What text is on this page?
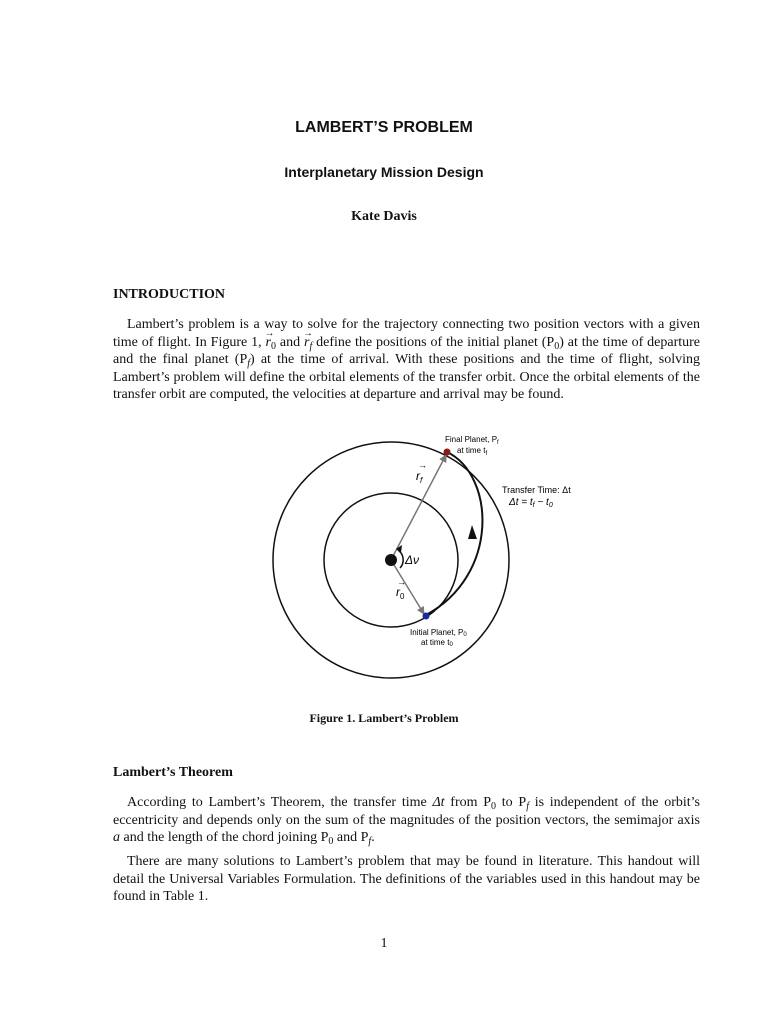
LAMBERT’S PROBLEM
Interplanetary Mission Design
Kate Davis
INTRODUCTION

Lambert’s problem is a way to solve for the trajectory connecting two position vectors with a given time of flight. In Figure 1, → $r_0$ and → $r_f$ define the positions of the initial planet $(P_0)$ at the time of departure and the final planet $(P_f)$ at the time of arrival. With these positions and the time of flight, solving Lambert’s problem will define the orbital elements of the transfer orbit. Once the orbital elements of the transfer orbit are computed, the velocities at departure and arrival may be found.

Final Planet, $P_f$
at time $t_f$
Transfer Time: Δt
$\Delta t = t_f - t_0$
$r_f$
→
$r_0$
→
Δν
Initial Planet, P0
at time t0
Figure 1. Lambert’s Problem
Lambert’s Theorem

According to Lambert’s Theorem, the transfer time Δt from $P_0$ to $P_f$ is independent of the orbit’s eccentricity and depends only on the sum of the magnitudes of the position vectors, the semimajor axis a and the length of the chord joining $P_0$ and $P_f$.

There are many solutions to Lambert’s problem that may be found in literature. This handout will detail the Universal Variables Formulation. The definitions of the variables used in this handout may be found in Table 1.

1
